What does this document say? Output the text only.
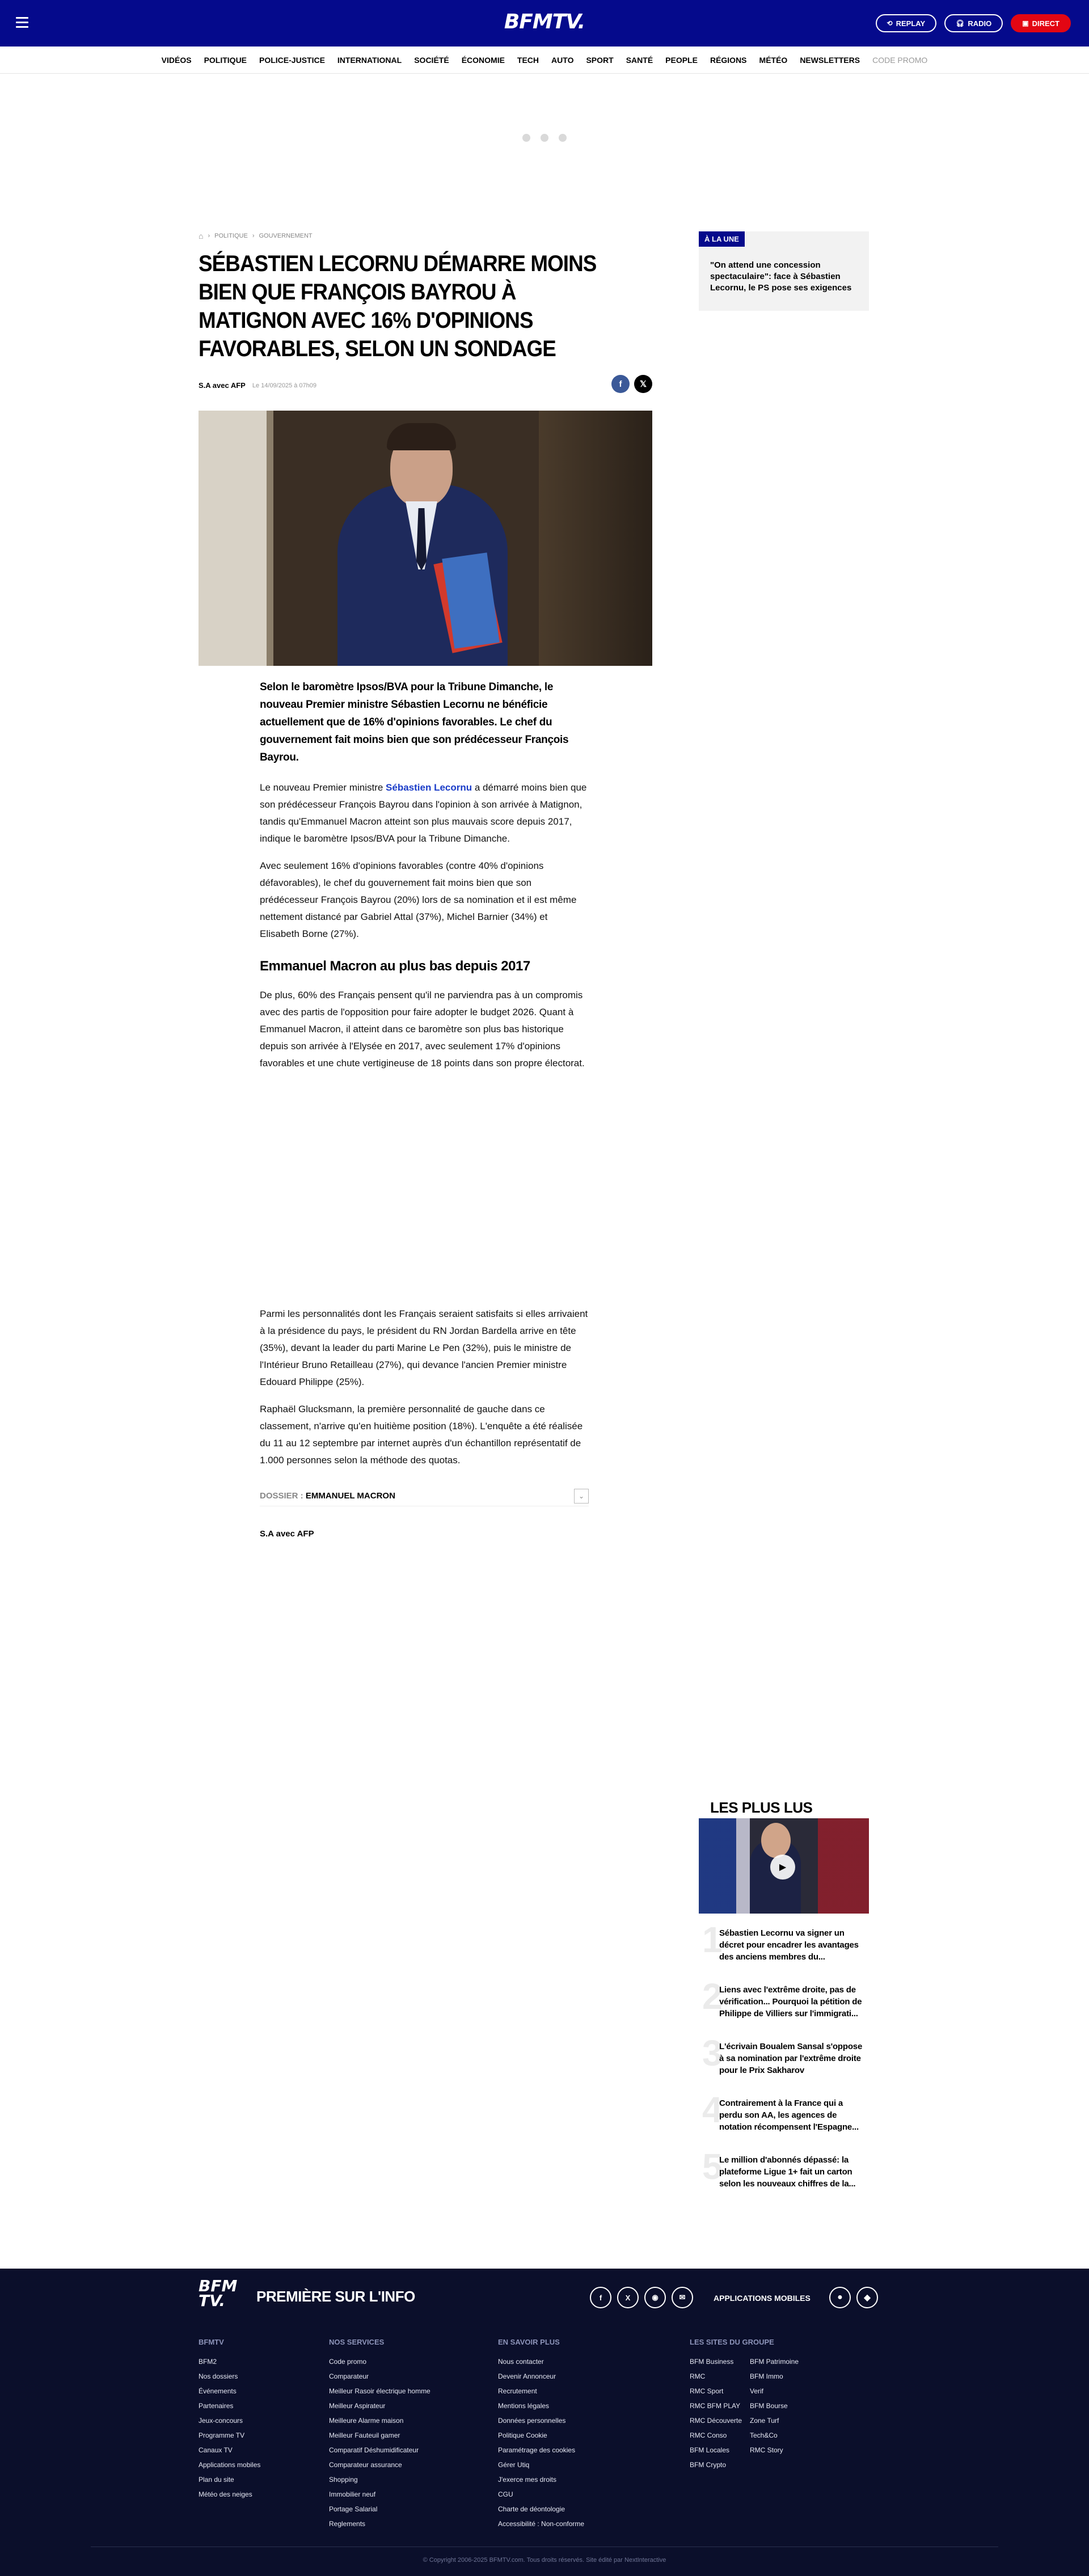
BFMTV.	⟲ REPLAY	🎧︎ RADIO	▣ DIRECT
VIDÉOS	POLITIQUE	POLICE-JUSTICE	INTERNATIONAL	SOCIÉTÉ	ÉCONOMIE	TECH	AUTO	SPORT	SANTÉ	PEOPLE	RÉGIONS	MÉTÉO	NEWSLETTERS	CODE PROMO
⌂ › POLITIQUE › GOUVERNEMENT
SÉBASTIEN LECORNU DÉMARRE MOINS BIEN QUE FRANÇOIS BAYROU À MATIGNON AVEC 16% D'OPINIONS FAVORABLES, SELON UN SONDAGE
S.A avec AFP Le 14/09/2025 à 07h09	f	𝕏

Selon le baromètre Ipsos/BVA pour la Tribune Dimanche, le nouveau Premier ministre Sébastien Lecornu ne bénéficie actuellement que de 16% d'opinions favorables. Le chef du gouvernement fait moins bien que son prédécesseur François Bayrou.

Le nouveau Premier ministre Sébastien Lecornu a démarré moins bien que son prédécesseur François Bayrou dans l'opinion à son arrivée à Matignon, tandis qu'Emmanuel Macron atteint son plus mauvais score depuis 2017, indique le baromètre Ipsos/BVA pour la Tribune Dimanche.

Avec seulement 16% d'opinions favorables (contre 40% d'opinions défavorables), le chef du gouvernement fait moins bien que son prédécesseur François Bayrou (20%) lors de sa nomination et il est même nettement distancé par Gabriel Attal (37%), Michel Barnier (34%) et Elisabeth Borne (27%).

Emmanuel Macron au plus bas depuis 2017

De plus, 60% des Français pensent qu'il ne parviendra pas à un compromis avec des partis de l'opposition pour faire adopter le budget 2026. Quant à Emmanuel Macron, il atteint dans ce baromètre son plus bas historique depuis son arrivée à l'Elysée en 2017, avec seulement 17% d'opinions favorables et une chute vertigineuse de 18 points dans son propre électorat.

Parmi les personnalités dont les Français seraient satisfaits si elles arrivaient à la présidence du pays, le président du RN Jordan Bardella arrive en tête (35%), devant la leader du parti Marine Le Pen (32%), puis le ministre de l'Intérieur Bruno Retailleau (27%), qui devance l'ancien Premier ministre Edouard Philippe (25%).

Raphaël Glucksmann, la première personnalité de gauche dans ce classement, n'arrive qu'en huitième position (18%). L'enquête a été réalisée du 11 au 12 septembre par internet auprès d'un échantillon représentatif de 1.000 personnes selon la méthode des quotas.

DOSSIER : EMMANUEL MACRON	⌄
S.A avec AFP
À LA UNE
"On attend une concession spectaculaire": face à Sébastien Lecornu, le PS pose ses exigences
LES PLUS LUS
▶
1
Sébastien Lecornu va signer un décret pour encadrer les avantages des anciens membres du...
2
Liens avec l'extrême droite, pas de vérification... Pourquoi la pétition de Philippe de Villiers sur l'immigrati...
3
L'écrivain Boualem Sansal s'oppose à sa nomination par l'extrême droite pour le Prix Sakharov
4
Contrairement à la France qui a perdu son AA, les agences de notation récompensent l'Espagne...
5
Le million d'abonnés dépassé: la plateforme Ligue 1+ fait un carton selon les nouveaux chiffres de la...
BFM
TV.	PREMIÈRE SUR L'INFO	f	X	◉	✉	APPLICATIONS MOBILES	●	◆
BFMTV
BFM2
Nos dossiers
Événements
Partenaires
Jeux-concours
Programme TV
Canaux TV
Applications mobiles
Plan du site
Météo des neiges
NOS SERVICES
Code promo
Comparateur
Meilleur Rasoir électrique homme
Meilleur Aspirateur
Meilleure Alarme maison
Meilleur Fauteuil gamer
Comparatif Déshumidificateur
Comparateur assurance
Shopping
Immobilier neuf
Portage Salarial
Reglements
EN SAVOIR PLUS
Nous contacter
Devenir Annonceur
Recrutement
Mentions légales
Données personnelles
Politique Cookie
Paramétrage des cookies
Gérer Utiq
J'exerce mes droits
CGU
Charte de déontologie
Accessibilité : Non-conforme
LES SITES DU GROUPE
BFM Business
RMC
RMC Sport
RMC BFM PLAY
RMC Découverte
RMC Conso
BFM Locales
BFM Crypto

BFM Patrimoine
BFM Immo
Verif
BFM Bourse
Zone Turf
Tech&Co
RMC Story
© Copyright 2006-2025 BFMTV.com. Tous droits réservés. Site édité par NextInteractive
